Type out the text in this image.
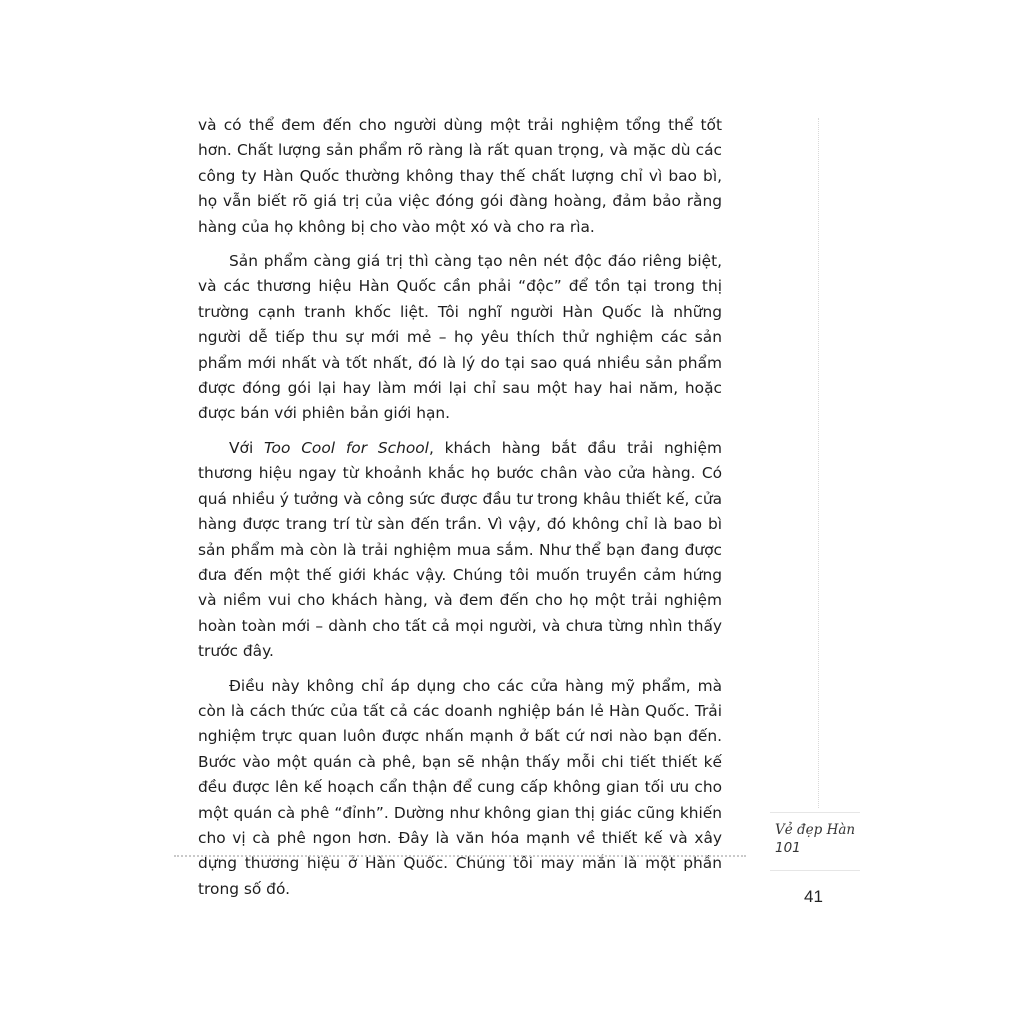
và có thể đem đến cho người dùng một trải nghiệm tổng thể tốt hơn. Chất lượng sản phẩm rõ ràng là rất quan trọng, và mặc dù các công ty Hàn Quốc thường không thay thế chất lượng chỉ vì bao bì, họ vẫn biết rõ giá trị của việc đóng gói đàng hoàng, đảm bảo rằng hàng của họ không bị cho vào một xó và cho ra rìa.

Sản phẩm càng giá trị thì càng tạo nên nét độc đáo riêng biệt, và các thương hiệu Hàn Quốc cần phải “độc” để tồn tại trong thị trường cạnh tranh khốc liệt. Tôi nghĩ người Hàn Quốc là những người dễ tiếp thu sự mới mẻ – họ yêu thích thử nghiệm các sản phẩm mới nhất và tốt nhất, đó là lý do tại sao quá nhiều sản phẩm được đóng gói lại hay làm mới lại chỉ sau một hay hai năm, hoặc được bán với phiên bản giới hạn.

Với Too Cool for School, khách hàng bắt đầu trải nghiệm thương hiệu ngay từ khoảnh khắc họ bước chân vào cửa hàng. Có quá nhiều ý tưởng và công sức được đầu tư trong khâu thiết kế, cửa hàng được trang trí từ sàn đến trần. Vì vậy, đó không chỉ là bao bì sản phẩm mà còn là trải nghiệm mua sắm. Như thể bạn đang được đưa đến một thế giới khác vậy. Chúng tôi muốn truyền cảm hứng và niềm vui cho khách hàng, và đem đến cho họ một trải nghiệm hoàn toàn mới – dành cho tất cả mọi người, và chưa từng nhìn thấy trước đây.

Điều này không chỉ áp dụng cho các cửa hàng mỹ phẩm, mà còn là cách thức của tất cả các doanh nghiệp bán lẻ Hàn Quốc. Trải nghiệm trực quan luôn được nhấn mạnh ở bất cứ nơi nào bạn đến. Bước vào một quán cà phê, bạn sẽ nhận thấy mỗi chi tiết thiết kế đều được lên kế hoạch cẩn thận để cung cấp không gian tối ưu cho một quán cà phê “đỉnh”. Dường như không gian thị giác cũng khiến cho vị cà phê ngon hơn. Đây là văn hóa mạnh về thiết kế và xây dựng thương hiệu ở Hàn Quốc. Chúng tôi may mắn là một phần trong số đó.

Vẻ đẹp Hàn
101
41
